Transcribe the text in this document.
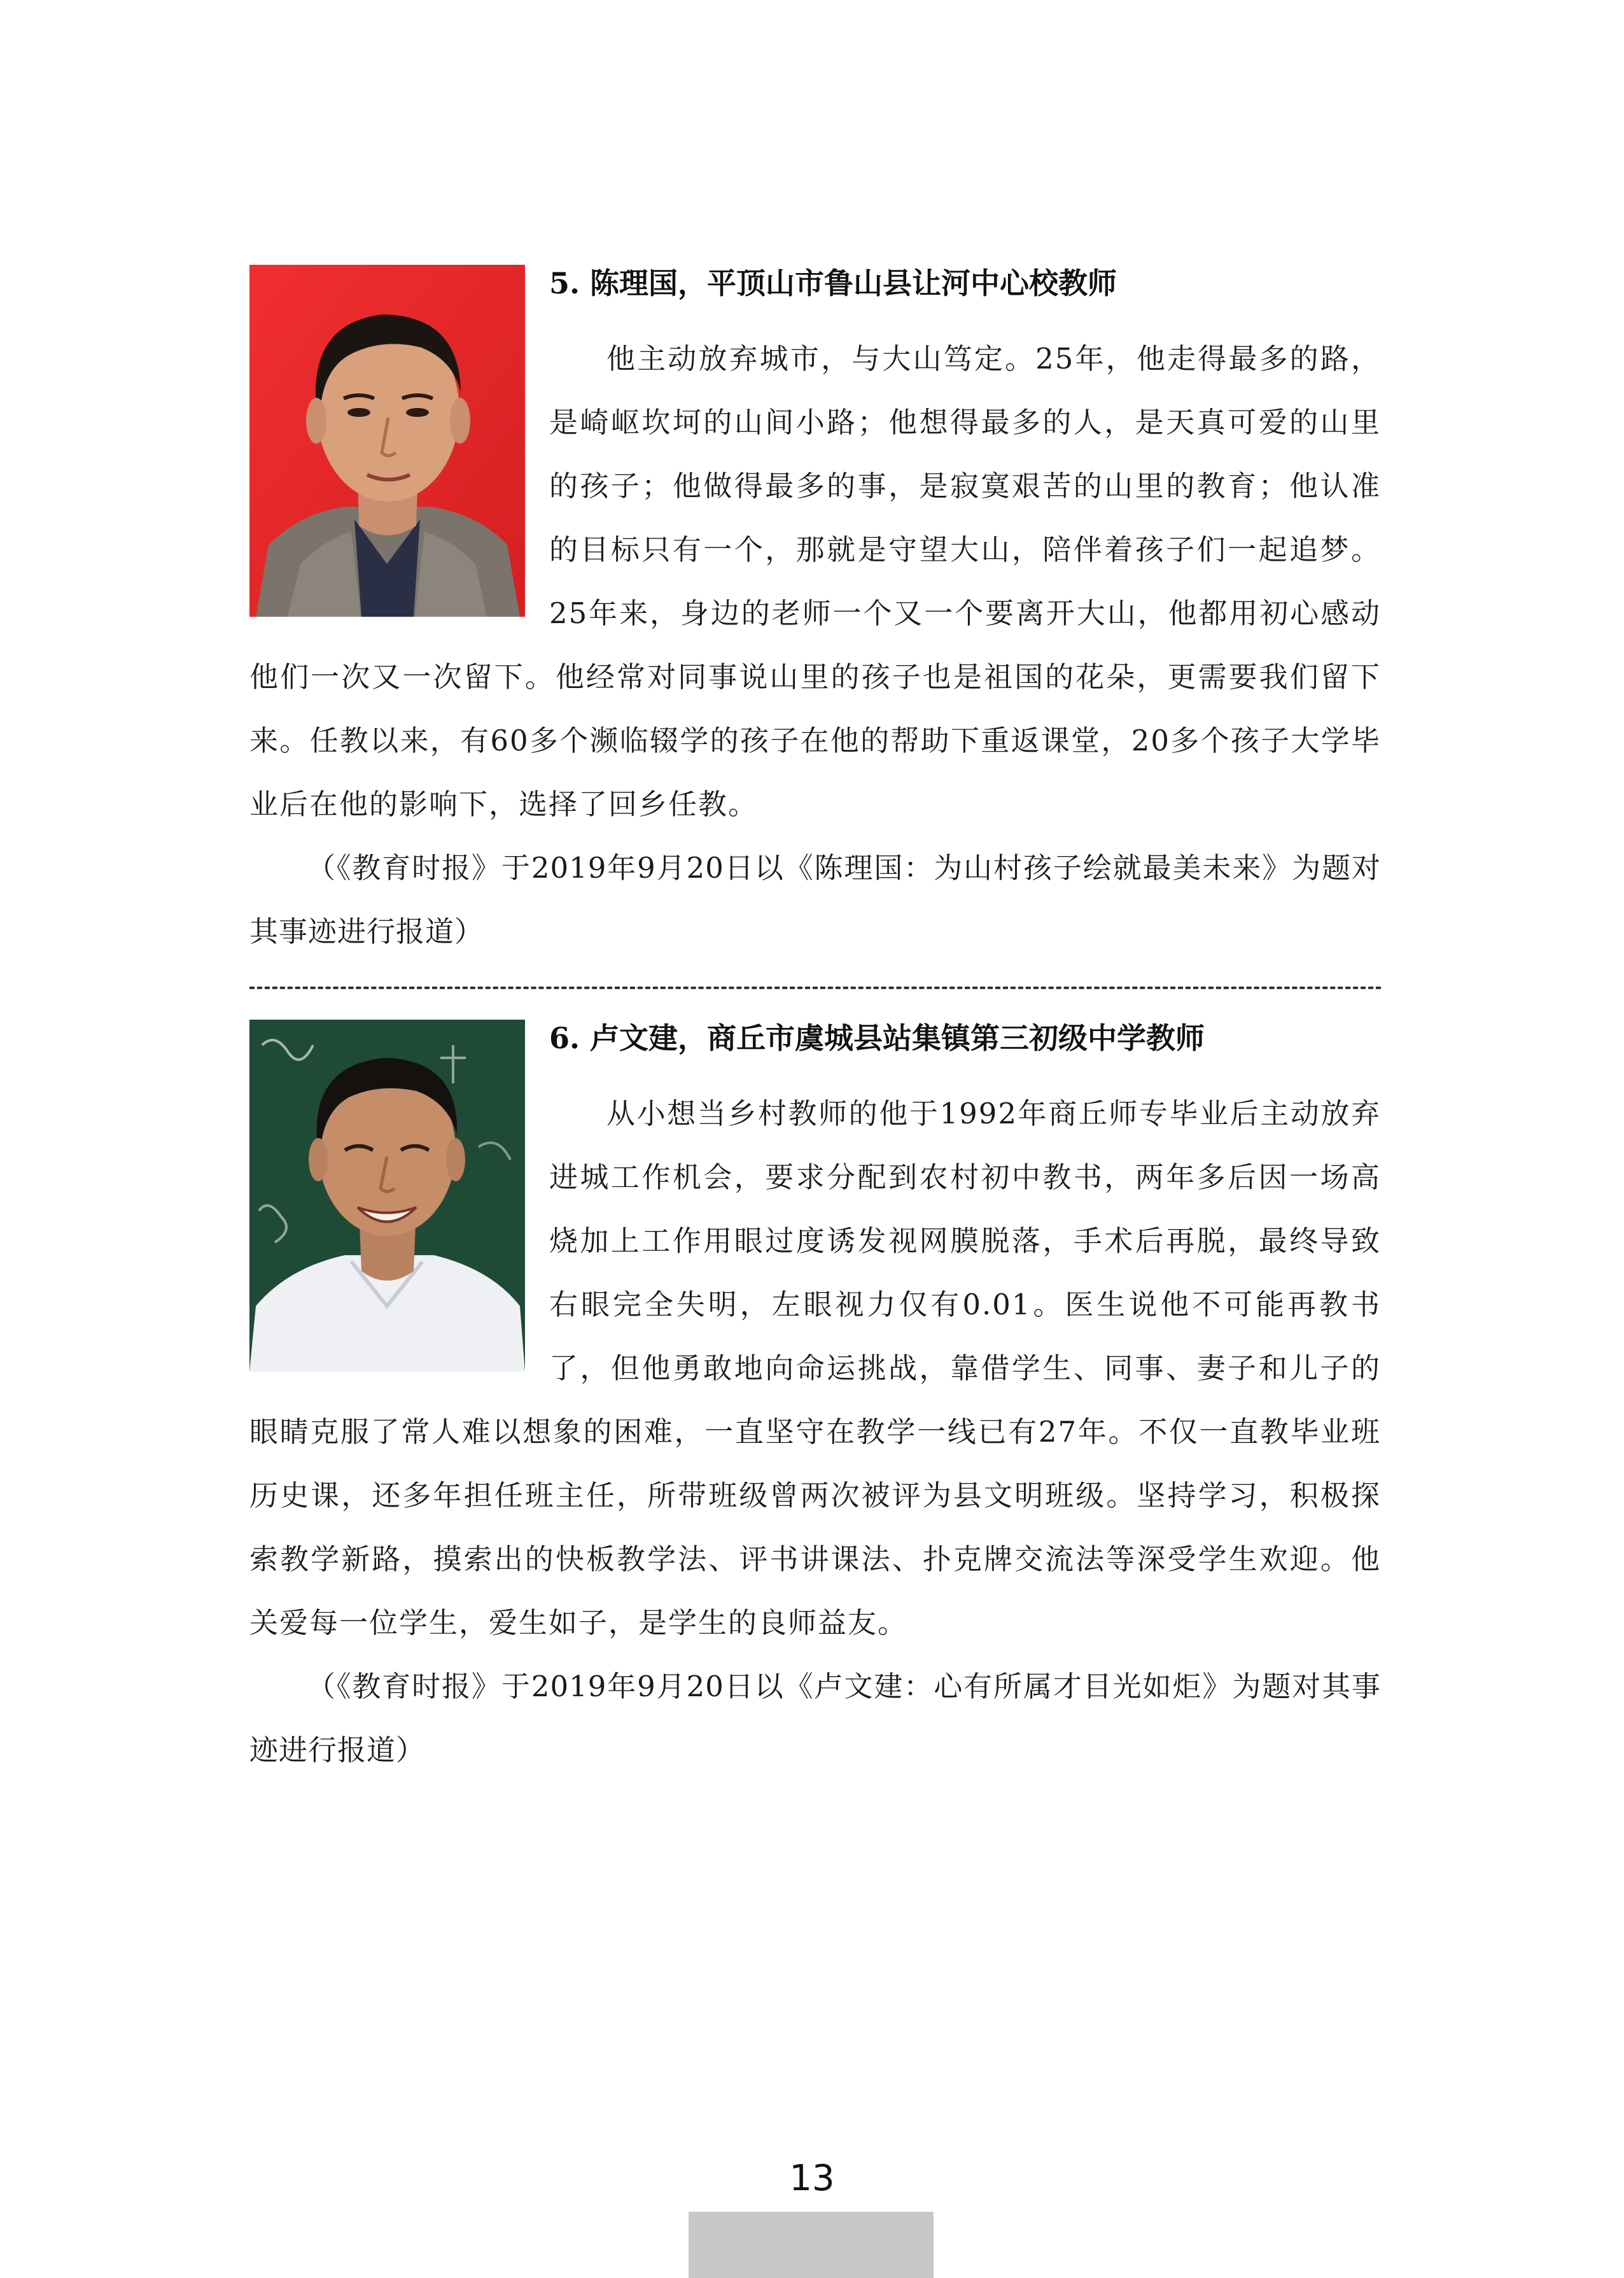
5. 陈理国，平顶山市鲁山县让河中心校教师

他主动放弃城市，与大山笃定。25年，他走得最多的路，是崎岖坎坷的山间小路；他想得最多的人，是天真可爱的山里的孩子；他做得最多的事，是寂寞艰苦的山里的教育；他认准的目标只有一个，那就是守望大山，陪伴着孩子们一起追梦。25年来，身边的老师一个又一个要离开大山，他都用初心感动他们一次又一次留下。他经常对同事说山里的孩子也是祖国的花朵，更需要我们留下来。任教以来，有60多个濒临辍学的孩子在他的帮助下重返课堂，20多个孩子大学毕业后在他的影响下，选择了回乡任教。

（《教育时报》于2019年9月20日以《陈理国：为山村孩子绘就最美未来》为题对其事迹进行报道）

6. 卢文建，商丘市虞城县站集镇第三初级中学教师

从小想当乡村教师的他于1992年商丘师专毕业后主动放弃进城工作机会，要求分配到农村初中教书，两年多后因一场高烧加上工作用眼过度诱发视网膜脱落，手术后再脱，最终导致右眼完全失明，左眼视力仅有0.01。医生说他不可能再教书了，但他勇敢地向命运挑战，靠借学生、同事、妻子和儿子的眼睛克服了常人难以想象的困难，一直坚守在教学一线已有27年。不仅一直教毕业班历史课，还多年担任班主任，所带班级曾两次被评为县文明班级。坚持学习，积极探索教学新路，摸索出的快板教学法、评书讲课法、扑克牌交流法等深受学生欢迎。他关爱每一位学生，爱生如子，是学生的良师益友。

（《教育时报》于2019年9月20日以《卢文建：心有所属才目光如炬》为题对其事迹进行报道）

13
